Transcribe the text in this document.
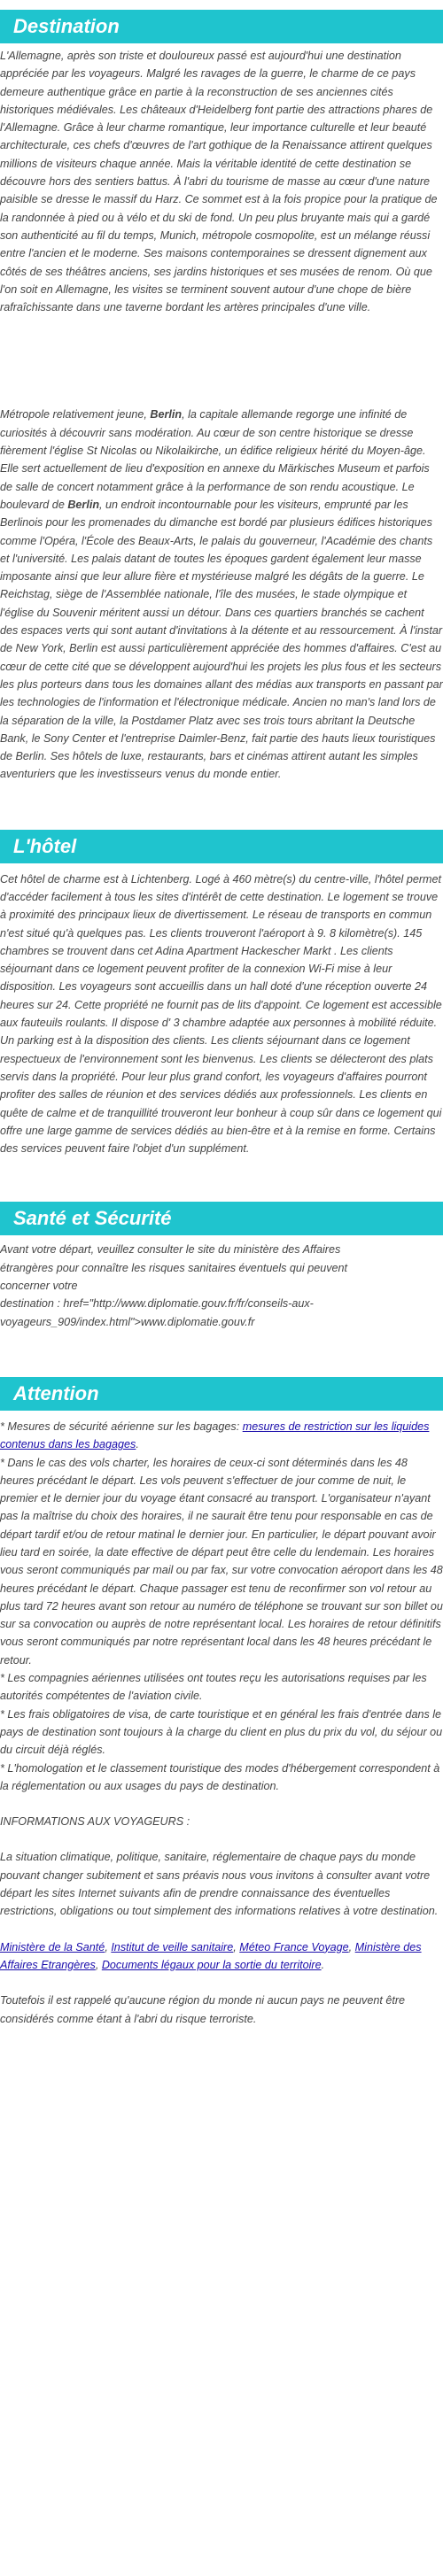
Destination

L'Allemagne, après son triste et douloureux passé est aujourd'hui une destination appréciée par les voyageurs. Malgré les ravages de la guerre, le charme de ce pays demeure authentique grâce en partie à la reconstruction de ses anciennes cités historiques médiévales. Les châteaux d'Heidelberg font partie des attractions phares de l'Allemagne. Grâce à leur charme romantique, leur importance culturelle et leur beauté architecturale, ces chefs d'œuvres de l'art gothique de la Renaissance attirent quelques millions de visiteurs chaque année. Mais la véritable identité de cette destination se découvre hors des sentiers battus. À l'abri du tourisme de masse au cœur d'une nature paisible se dresse le massif du Harz. Ce sommet est à la fois propice pour la pratique de la randonnée à pied ou à vélo et du ski de fond. Un peu plus bruyante mais qui a gardé son authenticité au fil du temps, Munich, métropole cosmopolite, est un mélange réussi entre l'ancien et le moderne. Ses maisons contemporaines se dressent dignement aux côtés de ses théâtres anciens, ses jardins historiques et ses musées de renom. Où que l'on soit en Allemagne, les visites se terminent souvent autour d'une chope de bière rafraîchissante dans une taverne bordant les artères principales d'une ville.

Métropole relativement jeune, Berlin, la capitale allemande regorge une infinité de curiosités à découvrir sans modération. Au cœur de son centre historique se dresse fièrement l'église St Nicolas ou Nikolaikirche, un édifice religieux hérité du Moyen-âge. Elle sert actuellement de lieu d'exposition en annexe du Märkisches Museum et parfois de salle de concert notamment grâce à la performance de son rendu acoustique. Le boulevard de Berlin, un endroit incontournable pour les visiteurs, emprunté par les Berlinois pour les promenades du dimanche est bordé par plusieurs édifices historiques comme l'Opéra, l'École des Beaux-Arts, le palais du gouverneur, l'Académie des chants et l'université. Les palais datant de toutes les époques gardent également leur masse imposante ainsi que leur allure fière et mystérieuse malgré les dégâts de la guerre. Le Reichstag, siège de l'Assemblée nationale, l'île des musées, le stade olympique et l'église du Souvenir méritent aussi un détour. Dans ces quartiers branchés se cachent des espaces verts qui sont autant d'invitations à la détente et au ressourcement. À l'instar de New York, Berlin est aussi particulièrement appréciée des hommes d'affaires. C'est au cœur de cette cité que se développent aujourd'hui les projets les plus fous et les secteurs les plus porteurs dans tous les domaines allant des médias aux transports en passant par les technologies de l'information et l'électronique médicale. Ancien no man's land lors de la séparation de la ville, la Postdamer Platz avec ses trois tours abritant la Deutsche Bank, le Sony Center et l'entreprise Daimler-Benz, fait partie des hauts lieux touristiques de Berlin. Ses hôtels de luxe, restaurants, bars et cinémas attirent autant les simples aventuriers que les investisseurs venus du monde entier.

L'hôtel

Cet hôtel de charme est à Lichtenberg. Logé à 460 mètre(s) du centre-ville, l'hôtel permet d'accéder facilement à tous les sites d'intérêt de cette destination. Le logement se trouve à proximité des principaux lieux de divertissement. Le réseau de transports en commun n'est situé qu'à quelques pas. Les clients trouveront l'aéroport à 9. 8 kilomètre(s). 145 chambres se trouvent dans cet Adina Apartment Hackescher Markt . Les clients séjournant dans ce logement peuvent profiter de la connexion Wi-Fi mise à leur disposition. Les voyageurs sont accueillis dans un hall doté d'une réception ouverte 24 heures sur 24. Cette propriété ne fournit pas de lits d'appoint. Ce logement est accessible aux fauteuils roulants. Il dispose d' 3 chambre adaptée aux personnes à mobilité réduite. Un parking est à la disposition des clients. Les clients séjournant dans ce logement respectueux de l'environnement sont les bienvenus. Les clients se délecteront des plats servis dans la propriété. Pour leur plus grand confort, les voyageurs d'affaires pourront profiter des salles de réunion et des services dédiés aux professionnels. Les clients en quête de calme et de tranquillité trouveront leur bonheur à coup sûr dans ce logement qui offre une large gamme de services dédiés au bien-être et à la remise en forme. Certains des services peuvent faire l'objet d'un supplément.

Santé et Sécurité

Avant votre départ, veuillez consulter le site du ministère des Affaires étrangères pour connaître les risques sanitaires éventuels qui peuvent concerner votre
destination : href="http://www.diplomatie.gouv.fr/fr/conseils-aux-voyageurs_909/index.html">www.diplomatie.gouv.fr

Attention

* Mesures de sécurité aérienne sur les bagages: mesures de restriction sur les liquides contenus dans les bagages.

* Dans le cas des vols charter, les horaires de ceux-ci sont déterminés dans les 48 heures précédant le départ. Les vols peuvent s'effectuer de jour comme de nuit, le premier et le dernier jour du voyage étant consacré au transport. L'organisateur n'ayant pas la maîtrise du choix des horaires, il ne saurait être tenu pour responsable en cas de départ tardif et/ou de retour matinal le dernier jour. En particulier, le départ pouvant avoir lieu tard en soirée, la date effective de départ peut être celle du lendemain. Les horaires vous seront communiqués par mail ou par fax, sur votre convocation aéroport dans les 48 heures précédant le départ. Chaque passager est tenu de reconfirmer son vol retour au plus tard 72 heures avant son retour au numéro de téléphone se trouvant sur son billet ou sur sa convocation ou auprès de notre représentant local. Les horaires de retour définitifs vous seront communiqués par notre représentant local dans les 48 heures précédant le retour.

* Les compagnies aériennes utilisées ont toutes reçu les autorisations requises par les autorités compétentes de l'aviation civile.

* Les frais obligatoires de visa, de carte touristique et en général les frais d'entrée dans le pays de destination sont toujours à la charge du client en plus du prix du vol, du séjour ou du circuit déjà réglés.

* L'homologation et le classement touristique des modes d'hébergement correspondent à la réglementation ou aux usages du pays de destination.

INFORMATIONS AUX VOYAGEURS :

La situation climatique, politique, sanitaire, réglementaire de chaque pays du monde pouvant changer subitement et sans préavis nous vous invitons à consulter avant votre départ les sites Internet suivants afin de prendre connaissance des éventuelles restrictions, obligations ou tout simplement des informations relatives à votre destination.

Ministère de la Santé, Institut de veille sanitaire, Méteo France Voyage, Ministère des Affaires Etrangères, Documents légaux pour la sortie du territoire.

Toutefois il est rappelé qu'aucune région du monde ni aucun pays ne peuvent être considérés comme étant à l'abri du risque terroriste.
